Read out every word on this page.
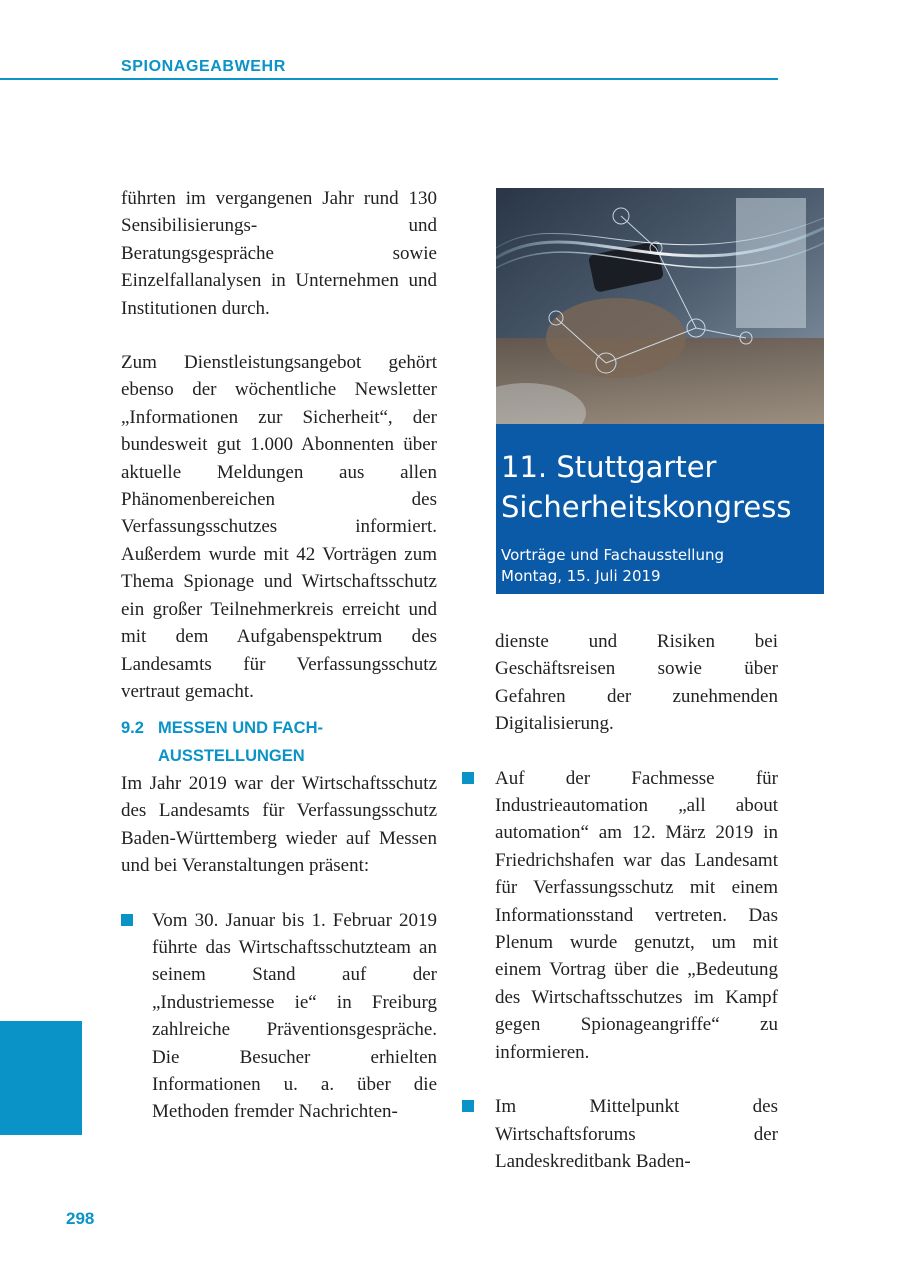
SPIONAGEABWEHR

führten im vergangenen Jahr rund 130 Sensibilisierungs- und Beratungsgespräche sowie Einzelfallanalysen in Unternehmen und Institutionen durch.

Zum Dienstleistungsangebot gehört ebenso der wöchentliche Newsletter „Informationen zur Sicherheit“, der bundesweit gut 1.000 Abonnenten über aktuelle Meldungen aus allen Phänomenbereichen des Verfassungsschutzes informiert. Außerdem wurde mit 42 Vorträgen zum Thema Spionage und Wirtschaftsschutz ein großer Teilnehmerkreis erreicht und mit dem Aufgabenspektrum des Landesamts für Verfassungsschutz vertraut gemacht.

9.2 MESSEN UND FACH-
AUSSTELLUNGEN

Im Jahr 2019 war der Wirtschaftsschutz des Landesamts für Verfassungsschutz Baden-Württemberg wieder auf Messen und bei Veranstaltungen präsent:

Vom 30. Januar bis 1. Februar 2019 führte das Wirtschaftsschutzteam an seinem Stand auf der „Industriemesse ie“ in Freiburg zahlreiche Präventionsgespräche. Die Besucher erhielten Informationen u. a. über die Methoden fremder Nachrichten-

11. Stuttgarter
Sicherheitskongress
Vorträge und Fachausstellung
Montag, 15. Juli 2019

dienste und Risiken bei Geschäftsreisen sowie über Gefahren der zunehmenden Digitalisierung.

Auf der Fachmesse für Industrieautomation „all about automation“ am 12. März 2019 in Friedrichshafen war das Landesamt für Verfassungsschutz mit einem Informationsstand vertreten. Das Plenum wurde genutzt, um mit einem Vortrag über die „Bedeutung des Wirtschaftsschutzes im Kampf gegen Spionageangriffe“ zu informieren.

Im Mittelpunkt des Wirtschaftsforums der Landeskreditbank Baden-

298
